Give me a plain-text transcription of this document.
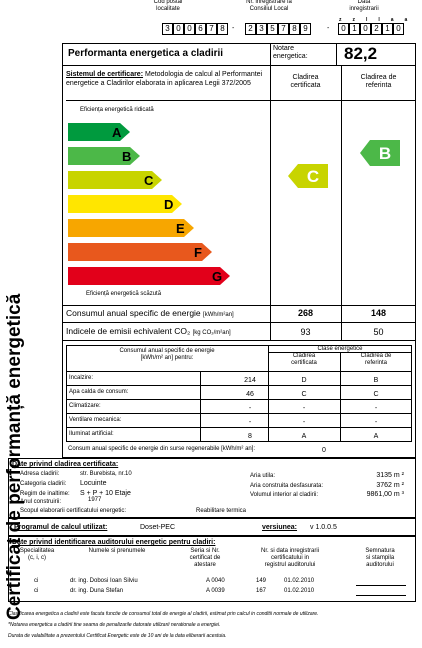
Cod postal
localitate
Nr. inregistrare la
Consiliul Local
Data
inregistrarii
z z l l a a
3 0 0 6 7 8	2 3 5 7 8 9	0 1 0 2 1 0
-	-
Certificat de performanță energetică
Performanta energetica a cladirii	Notare
energetica: 82,2
Sistemul de certificare: Metodologia de calcul al Performantei energetice a Cladirilor elaborata in aplicarea Legii 372/2005
Cladirea
certificata
Cladirea de
referinta
Eficiența energetică ridicată
Eficiență energetică scăzută
A
B
C
D
E
F
G
C
B
Consumul anual specific de energie [kWh/m²an]	268	148
Indicele de emisii echivalent CO₂ [kg CO₂/m²an]	93	50
Consumul anual specific de energie
[kWh/m² an] pentru:
Clase energetice
Cladirea
certificata
Cladirea de
referinta
Incalzire:	214	D	B
Apa calda de consum:	46	C	C
Climatizare:	-	-	-
Ventilare mecanica:	-	-	-
Iluminat artificial:	8	A	A
Consum anual specific de energie din surse regenerabile [kWh/m² an]:	0
Date privind cladirea certificata:
Adresa cladirii:	str. Burebista, nr.10
Categoria cladirii: Locuinte
Regim de inaltime: S + P + 10 Etaje
Anul construirii:	1977
Scopul elaborarii certificatului energetic:	Reabilitare termica
Aria utila:	3135 m ²
Aria construita desfasurata:	3762 m ²
Volumul interior al cladirii:	9861,00 m ³
Programul de calcul utilizat:	Doset-PEC	versiunea: v 1.0.0.5
Date privind identificarea auditorului energetic pentru cladiri:
Specialitatea
(c, i, c)
Numele si prenumele	Seria si Nr.
certificat de
atestare
Nr. si data inregistrarii
certificatului in
registrul auditorului
Semnatura
si stampila
auditorului
ci	dr. ing. Dobosi Ioan Silviu	A 0040	149	01.02.2010
ci	dr. ing. Duna Stefan	A 0039	167	01.02.2010
Clasificarea energetica a cladirii este facuta functie de consumul total de energie al cladirii, estimat prin calcul in conditii normale de utilizare.
*Notarea energetica a cladirii tine seama de penalizarile datorate utilizarii nerationale a energiei.
Durata de valabilitate a prezentului Certificat Energetic este de 10 ani de la data eliberarii acestuia.
